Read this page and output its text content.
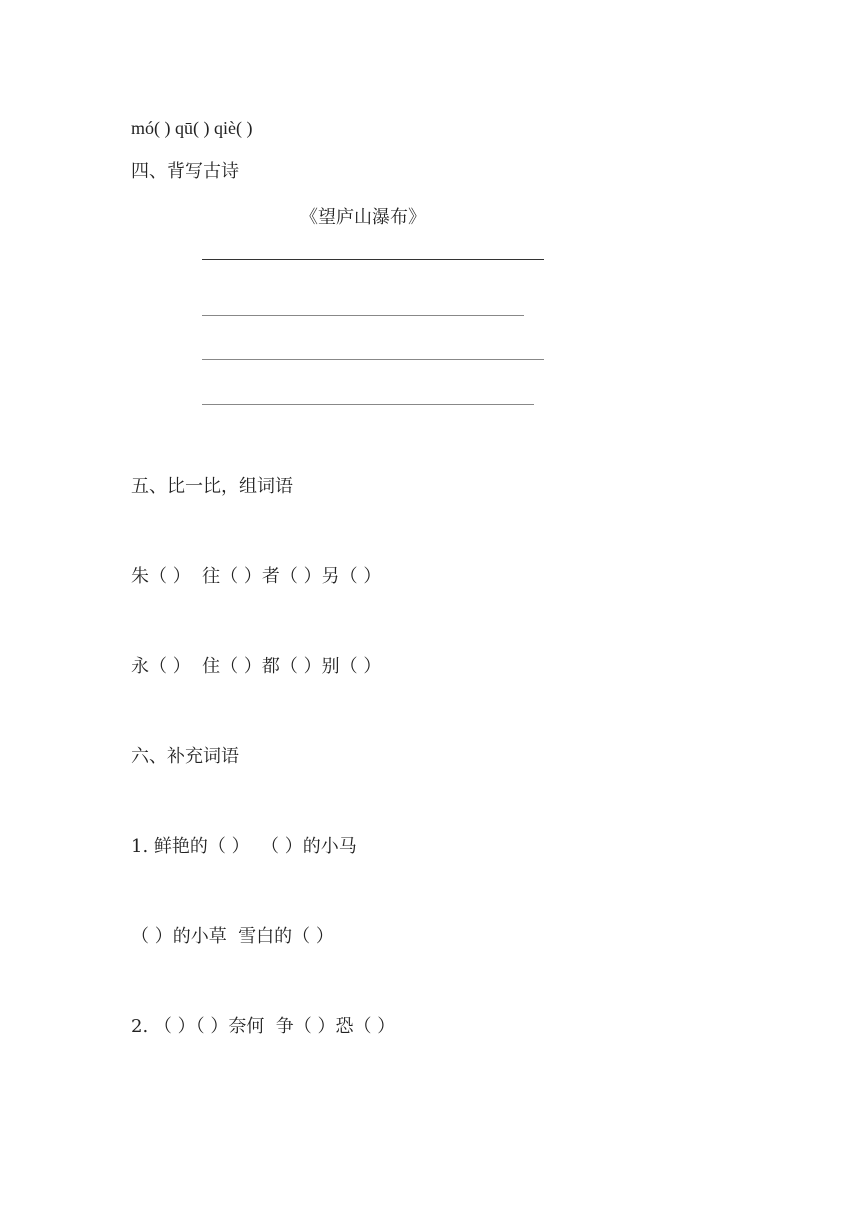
mó( ) qū( ) qiè( )
四、背写古诗
《望庐山瀑布》
五、比一比，组词语
朱（ ）  往（ ）者（ ）另（ ）
永（ ）  住（ ）都（ ）别（ ）
六、补充词语
1. 鲜艳的（ ）  （ ）的小马
（ ）的小草  雪白的（ ）
2. （ ）（ ）奈何  争（ ）恐（ ）
